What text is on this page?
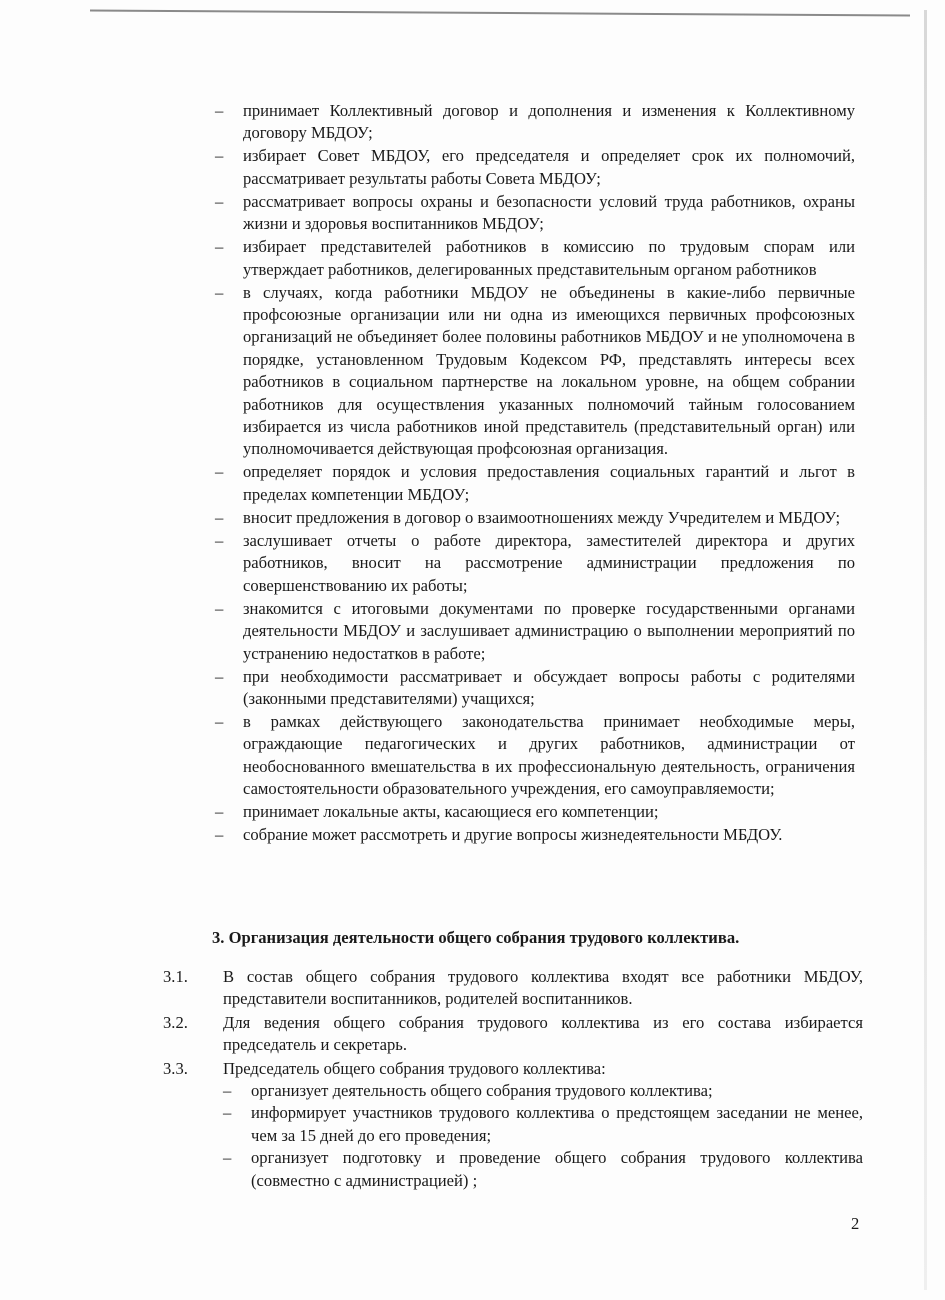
– принимает Коллективный договор и дополнения и изменения к Коллективному договору МБДОУ;
– избирает Совет МБДОУ, его председателя и определяет срок их полномочий, рассматривает результаты работы Совета МБДОУ;
– рассматривает вопросы охраны и безопасности условий труда работников, охраны жизни и здоровья воспитанников МБДОУ;
– избирает представителей работников в комиссию по трудовым спорам или утверждает работников, делегированных представительным органом работников
– в случаях, когда работники МБДОУ не объединены в какие-либо первичные профсоюзные организации или ни одна из имеющихся первичных профсоюзных организаций не объединяет более половины работников МБДОУ и не уполномочена в порядке, установленном Трудовым Кодексом РФ, представлять интересы всех работников в социальном партнерстве на локальном уровне, на общем собрании работников для осуществления указанных полномочий тайным голосованием избирается из числа работников иной представитель (представительный орган) или уполномочивается действующая профсоюзная организация.
– определяет порядок и условия предоставления социальных гарантий и льгот в пределах компетенции МБДОУ;
– вносит предложения в договор о взаимоотношениях между Учредителем и МБДОУ;
– заслушивает отчеты о работе директора, заместителей директора и других работников, вносит на рассмотрение администрации предложения по совершенствованию их работы;
– знакомится с итоговыми документами по проверке государственными органами деятельности МБДОУ и заслушивает администрацию о выполнении мероприятий по устранению недостатков в работе;
– при необходимости рассматривает и обсуждает вопросы работы с родителями (законными представителями) учащихся;
– в рамках действующего законодательства принимает необходимые меры, ограждающие педагогических и других работников, администрации от необоснованного вмешательства в их профессиональную деятельность, ограничения самостоятельности образовательного учреждения, его самоуправляемости;
– принимает локальные акты, касающиеся его компетенции;
– собрание может рассмотреть и другие вопросы жизнедеятельности МБДОУ.
3. Организация деятельности общего собрания трудового коллектива.
3.1. В состав общего собрания трудового коллектива входят все работники МБДОУ, представители воспитанников, родителей воспитанников.
3.2. Для ведения общего собрания трудового коллектива из его состава избирается председатель и секретарь.
3.3. Председатель общего собрания трудового коллектива:
– организует деятельность общего собрания трудового коллектива;
– информирует участников трудового коллектива о предстоящем заседании не менее, чем за 15 дней до его проведения;
– организует подготовку и проведение общего собрания трудового коллектива (совместно с администрацией) ;
2
